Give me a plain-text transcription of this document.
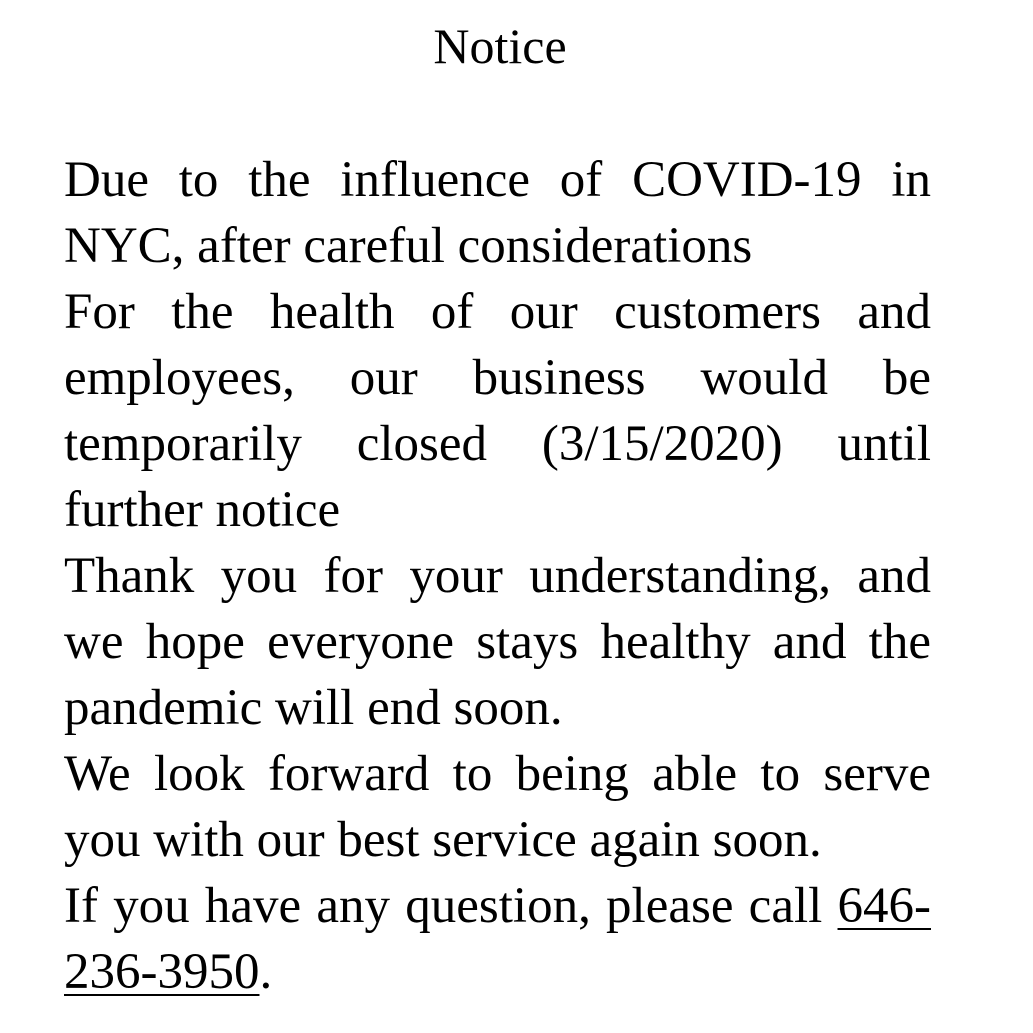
Notice

Due to the influence of COVID-19 in NYC, after careful considerations

For the health of our customers and employees, our business would be temporarily closed (3/15/2020) until further notice

Thank you for your understanding, and we hope everyone stays healthy and the pandemic will end soon.

We look forward to being able to serve you with our best service again soon.

If you have any question, please call 646-236-3950.
